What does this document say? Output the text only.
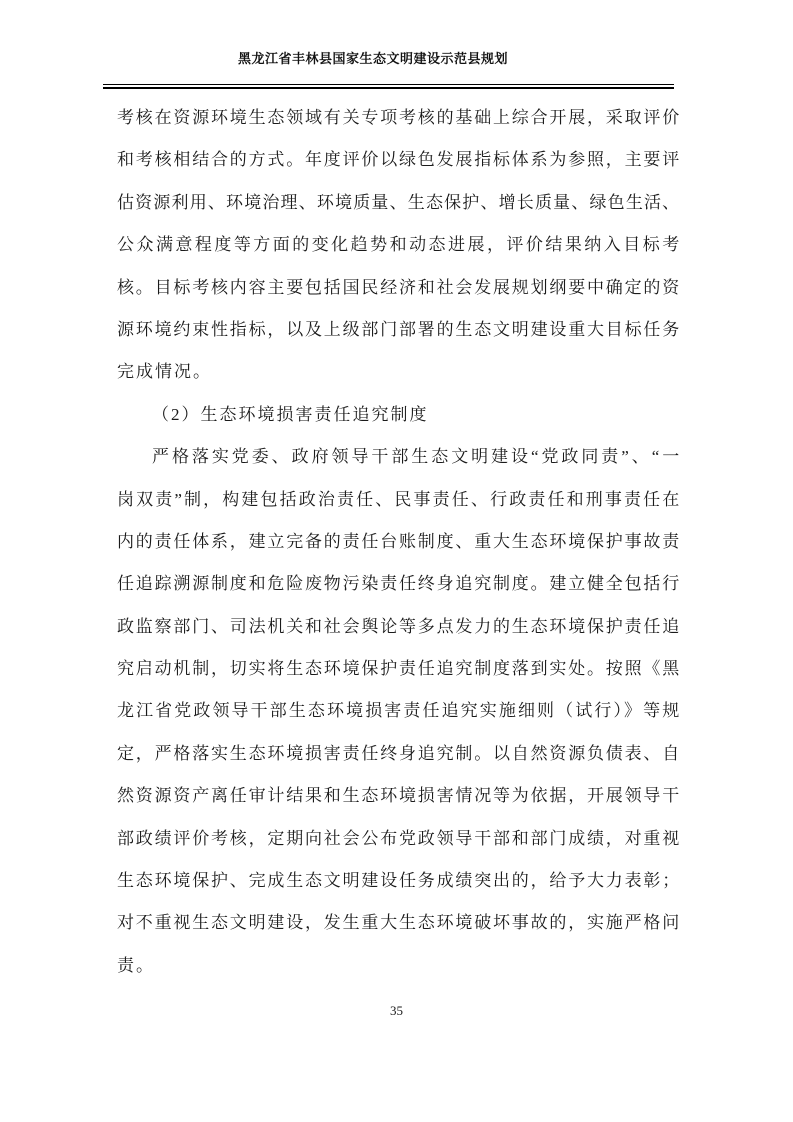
黑龙江省丰林县国家生态文明建设示范县规划
考核在资源环境生态领域有关专项考核的基础上综合开展，采取评价
和考核相结合的方式。年度评价以绿色发展指标体系为参照，主要评
估资源利用、环境治理、环境质量、生态保护、增长质量、绿色生活、
公众满意程度等方面的变化趋势和动态进展，评价结果纳入目标考
核。目标考核内容主要包括国民经济和社会发展规划纲要中确定的资
源环境约束性指标，以及上级部门部署的生态文明建设重大目标任务
完成情况。
（2）生态环境损害责任追究制度
严格落实党委、政府领导干部生态文明建设“党政同责”、“一
岗双责”制，构建包括政治责任、民事责任、行政责任和刑事责任在
内的责任体系，建立完备的责任台账制度、重大生态环境保护事故责
任追踪溯源制度和危险废物污染责任终身追究制度。建立健全包括行
政监察部门、司法机关和社会舆论等多点发力的生态环境保护责任追
究启动机制，切实将生态环境保护责任追究制度落到实处。按照《黑
龙江省党政领导干部生态环境损害责任追究实施细则（试行）》等规
定，严格落实生态环境损害责任终身追究制。以自然资源负债表、自
然资源资产离任审计结果和生态环境损害情况等为依据，开展领导干
部政绩评价考核，定期向社会公布党政领导干部和部门成绩，对重视
生态环境保护、完成生态文明建设任务成绩突出的，给予大力表彰；
对不重视生态文明建设，发生重大生态环境破坏事故的，实施严格问
责。
35
